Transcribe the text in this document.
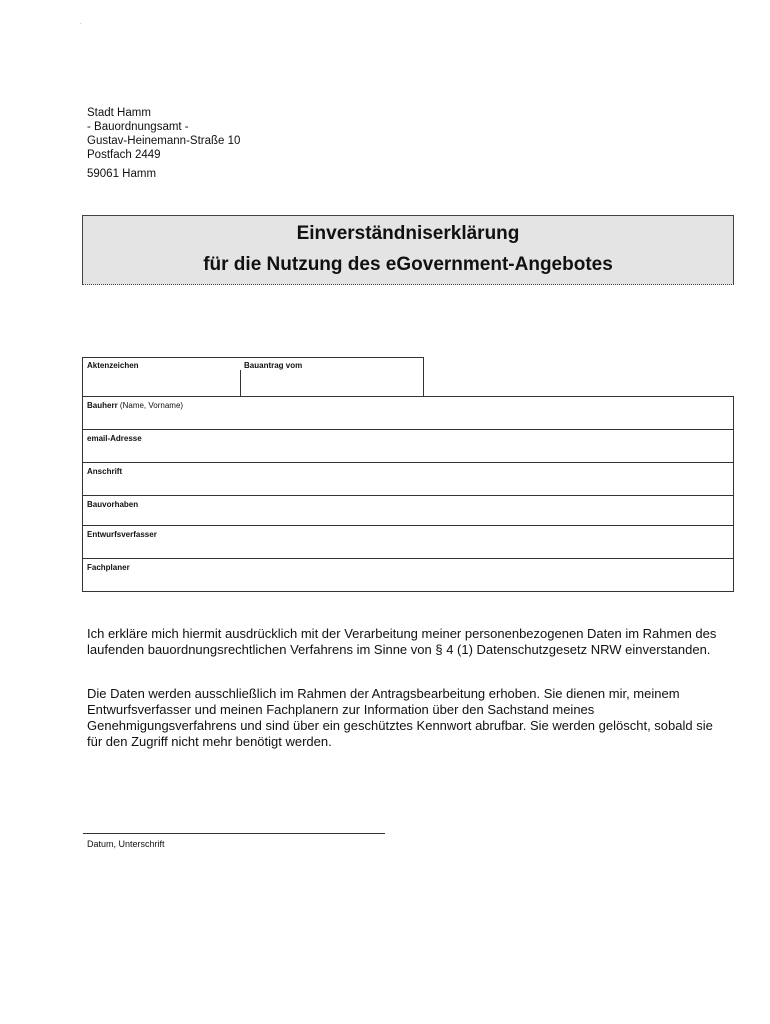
.
Stadt Hamm
- Bauordnungsamt -
Gustav-Heinemann-Straße 10
Postfach 2449
59061 Hamm
Einverständniserklärung
für die Nutzung des eGovernment-Angebotes
Aktenzeichen	Bauantrag vom
Bauherr (Name, Vorname)
email-Adresse
Anschrift
Bauvorhaben
Entwurfsverfasser
Fachplaner

Ich erkläre mich hiermit ausdrücklich mit der Verarbeitung meiner personenbezogenen Daten im Rahmen des laufenden bauordnungsrechtlichen Verfahrens im Sinne von § 4 (1) Datenschutzgesetz NRW einverstanden.

Die Daten werden ausschließlich im Rahmen der Antragsbearbeitung erhoben. Sie dienen mir, meinem Entwurfsverfasser und meinen Fachplanern zur Information über den Sachstand meines Genehmigungsverfahrens und sind über ein geschütztes Kennwort abrufbar. Sie werden gelöscht, sobald sie für den Zugriff nicht mehr benötigt werden.

Datum, Unterschrift
